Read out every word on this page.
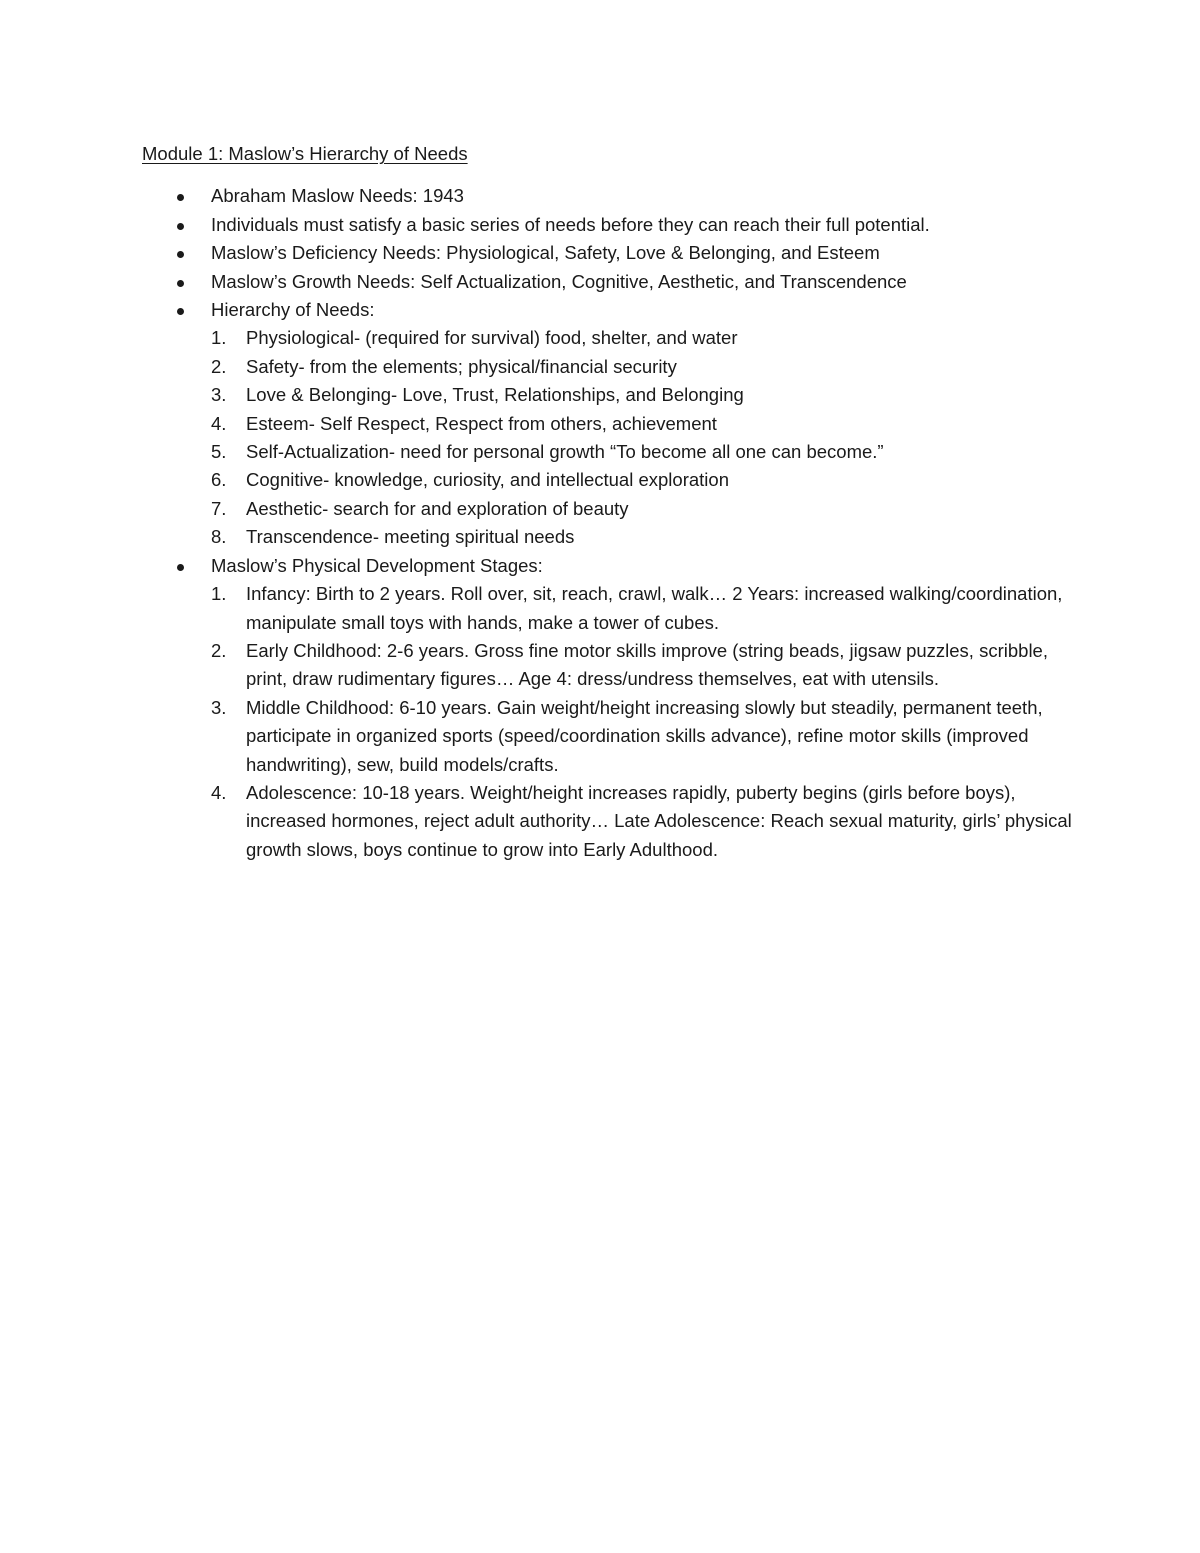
Module 1: Maslow’s Hierarchy of Needs
Abraham Maslow Needs: 1943
Individuals must satisfy a basic series of needs before they can reach their full potential.
Maslow’s Deficiency Needs: Physiological, Safety, Love & Belonging, and Esteem
Maslow’s Growth Needs: Self Actualization, Cognitive, Aesthetic, and Transcendence
Hierarchy of Needs:
1.	Physiological- (required for survival) food, shelter, and water
2.	Safety- from the elements; physical/financial security
3.	Love & Belonging- Love, Trust, Relationships, and Belonging
4.	Esteem- Self Respect, Respect from others, achievement
5.	Self-Actualization- need for personal growth “To become all one can become.”
6.	Cognitive- knowledge, curiosity, and intellectual exploration
7.	Aesthetic- search for and exploration of beauty
8.	Transcendence- meeting spiritual needs
Maslow’s Physical Development Stages:
1.	Infancy: Birth to 2 years. Roll over, sit, reach, crawl, walk… 2 Years: increased walking/coordination, manipulate small toys with hands, make a tower of cubes.
2.	Early Childhood: 2-6 years. Gross fine motor skills improve (string beads, jigsaw puzzles, scribble, print, draw rudimentary figures… Age 4: dress/undress themselves, eat with utensils.
3.	Middle Childhood: 6-10 years. Gain weight/height increasing slowly but steadily, permanent teeth, participate in organized sports (speed/coordination skills advance), refine motor skills (improved handwriting), sew, build models/crafts.
4.	Adolescence: 10-18 years. Weight/height increases rapidly, puberty begins (girls before boys), increased hormones, reject adult authority… Late Adolescence: Reach sexual maturity, girls’ physical growth slows, boys continue to grow into Early Adulthood.
